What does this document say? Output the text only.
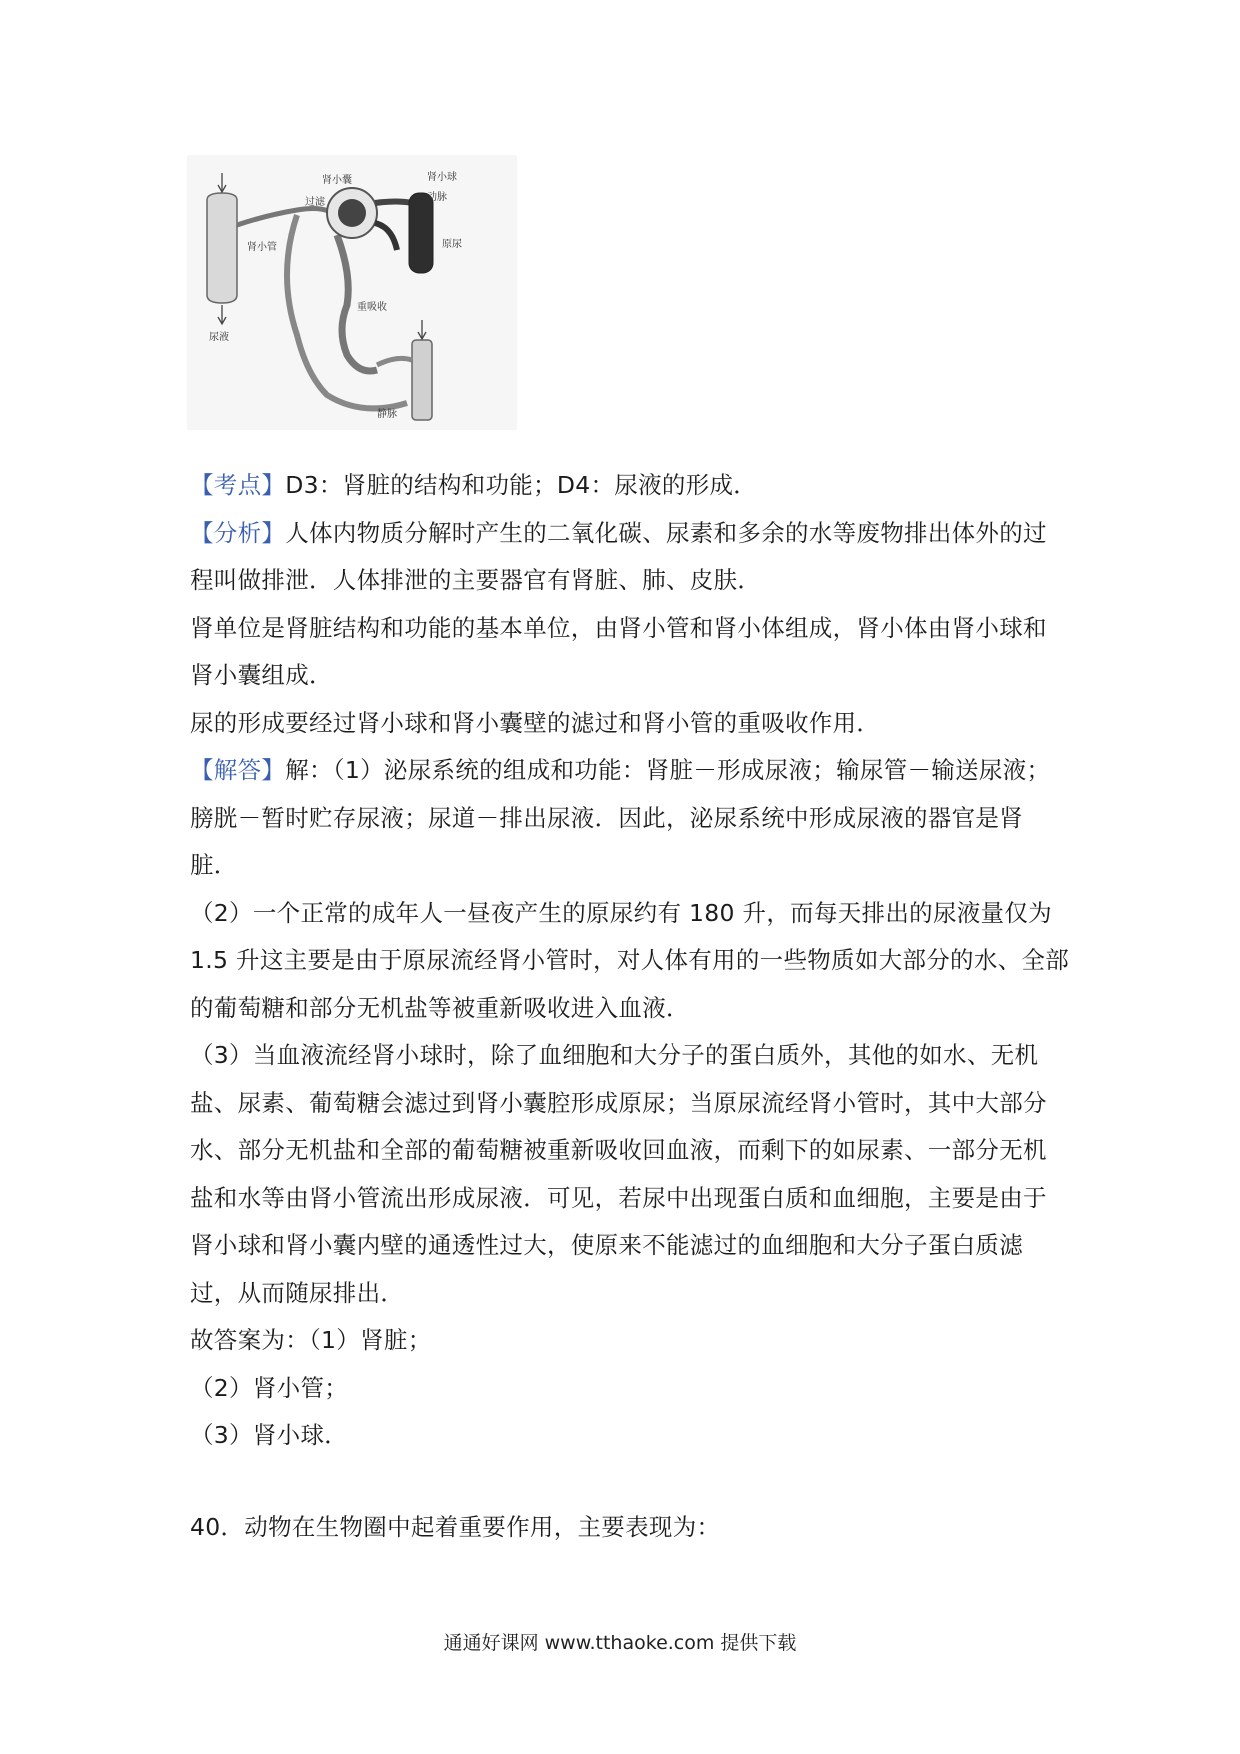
肾小球
肾小囊
动脉
过滤
肾小管	原尿
重吸收
尿液
静脉

【考点】D3：肾脏的结构和功能；D4：尿液的形成．

【分析】人体内物质分解时产生的二氧化碳、尿素和多余的水等废物排出体外的过程叫做排泄．人体排泄的主要器官有肾脏、肺、皮肤．

肾单位是肾脏结构和功能的基本单位，由肾小管和肾小体组成，肾小体由肾小球和肾小囊组成．

尿的形成要经过肾小球和肾小囊壁的滤过和肾小管的重吸收作用．

【解答】解：（1）泌尿系统的组成和功能：肾脏－形成尿液；输尿管－输送尿液；膀胱－暂时贮存尿液；尿道－排出尿液．因此，泌尿系统中形成尿液的器官是肾脏．

（2）一个正常的成年人一昼夜产生的原尿约有 180 升，而每天排出的尿液量仅为1.5 升这主要是由于原尿流经肾小管时，对人体有用的一些物质如大部分的水、全部的葡萄糖和部分无机盐等被重新吸收进入血液．

（3）当血液流经肾小球时，除了血细胞和大分子的蛋白质外，其他的如水、无机盐、尿素、葡萄糖会滤过到肾小囊腔形成原尿；当原尿流经肾小管时，其中大部分水、部分无机盐和全部的葡萄糖被重新吸收回血液，而剩下的如尿素、一部分无机盐和水等由肾小管流出形成尿液．可见，若尿中出现蛋白质和血细胞，主要是由于肾小球和肾小囊内壁的通透性过大，使原来不能滤过的血细胞和大分子蛋白质滤过，从而随尿排出．

故答案为：（1）肾脏；

（2）肾小管；

（3）肾小球．

40．动物在生物圈中起着重要作用，主要表现为：

通通好课网 www.tthaoke.com 提供下载
